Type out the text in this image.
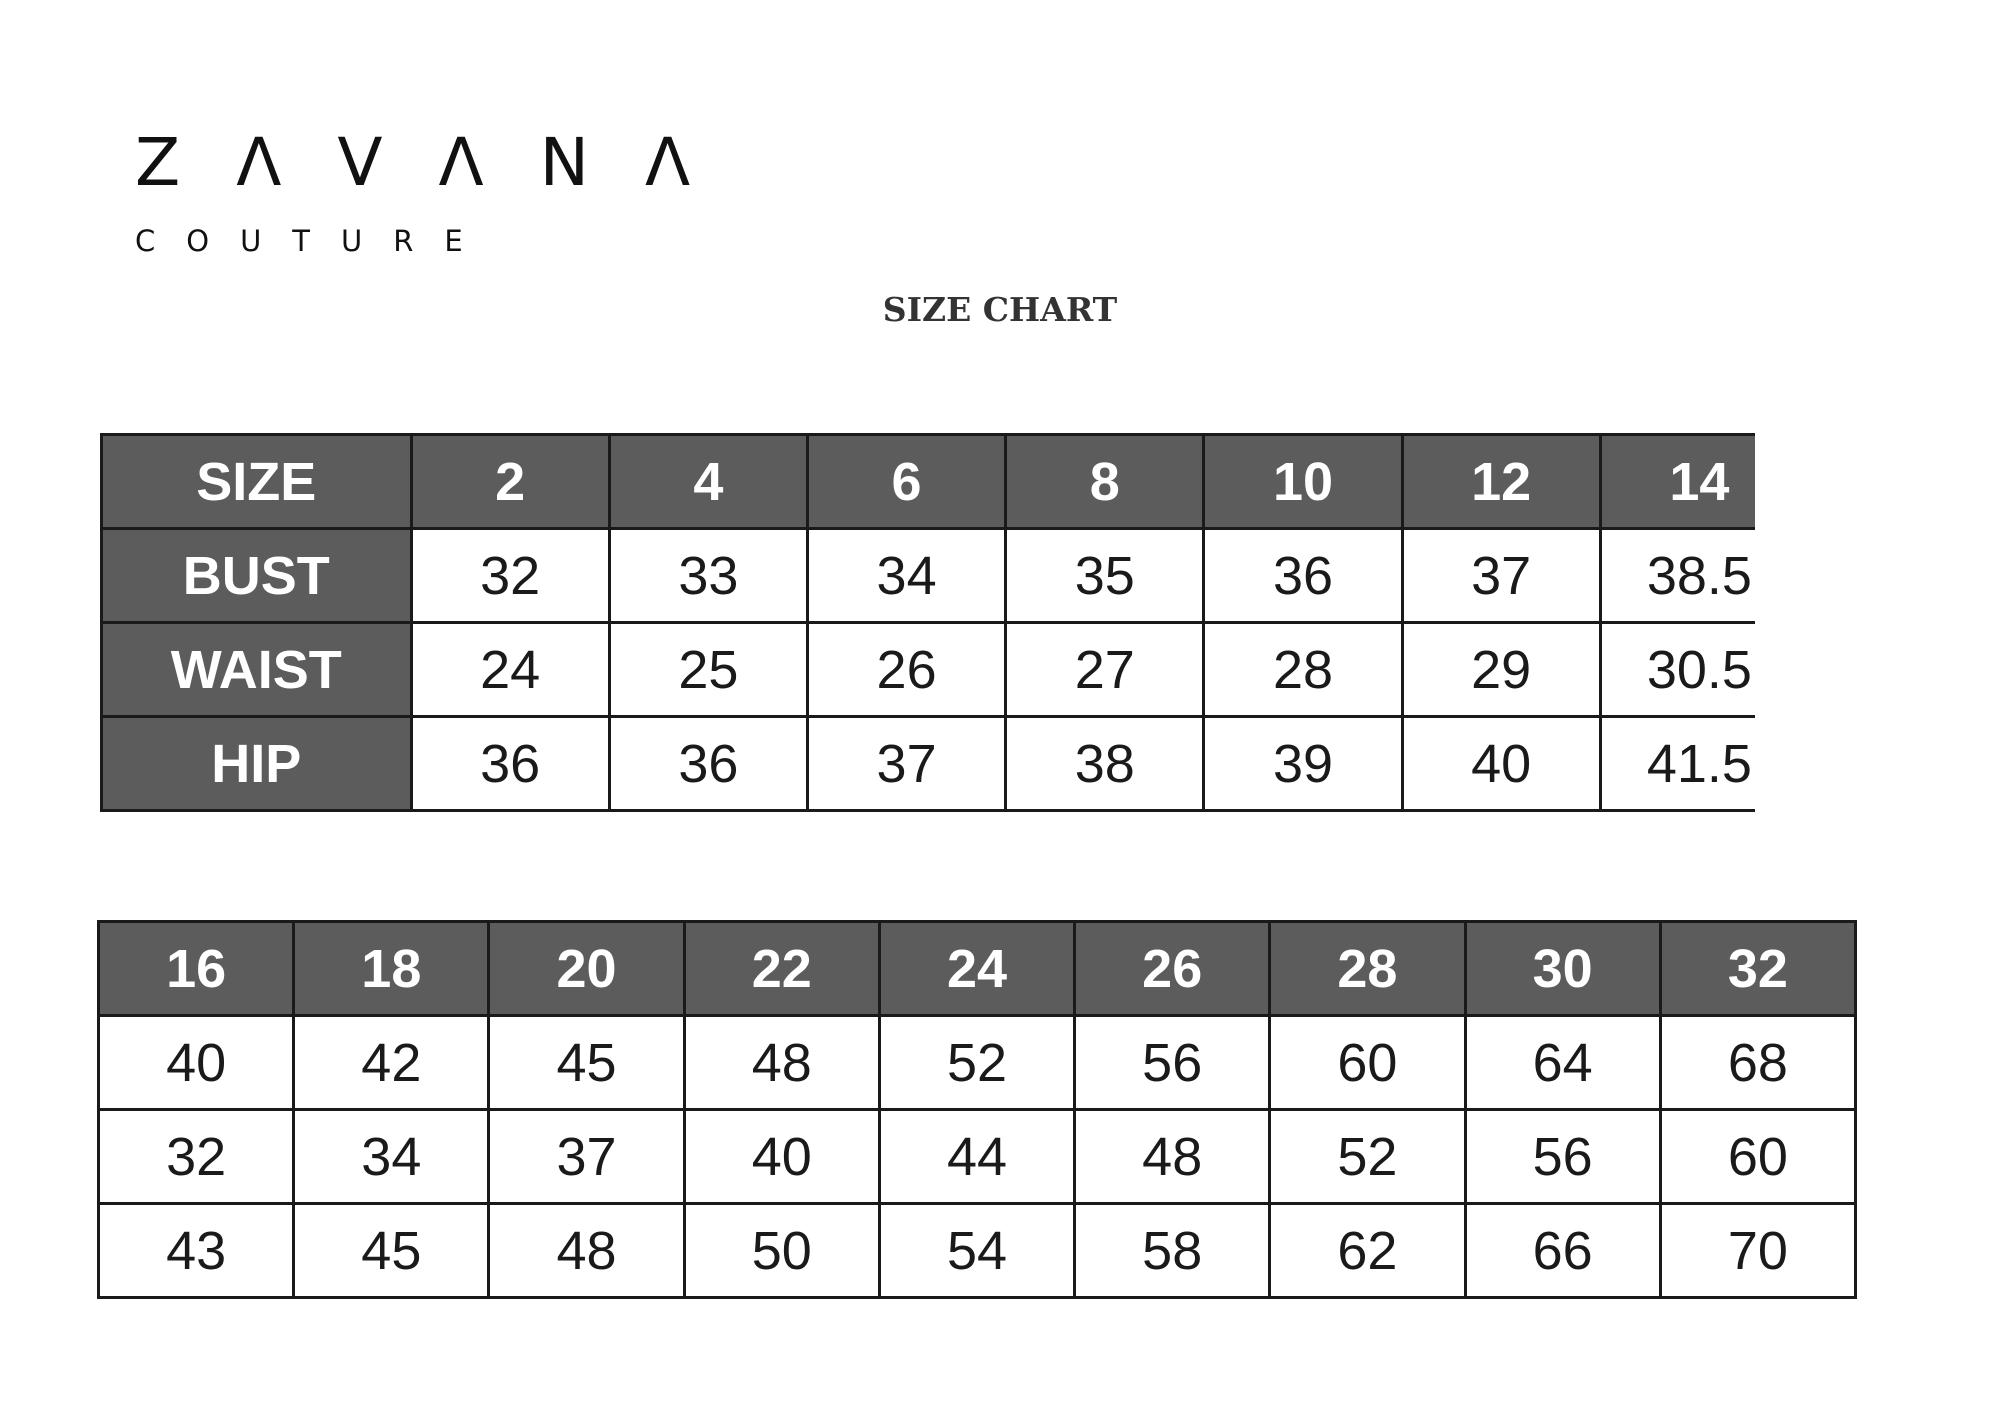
ZΛVΛNΛ
COUTURE
SIZE CHART
SIZE	2	4	6	8	10	12	14
BUST	32	33	34	35	36	37	38.5
WAIST	24	25	26	27	28	29	30.5
HIP	36	36	37	38	39	40	41.5
16	18	20	22	24	26	28	30	32
40	42	45	48	52	56	60	64	68
32	34	37	40	44	48	52	56	60
43	45	48	50	54	58	62	66	70
